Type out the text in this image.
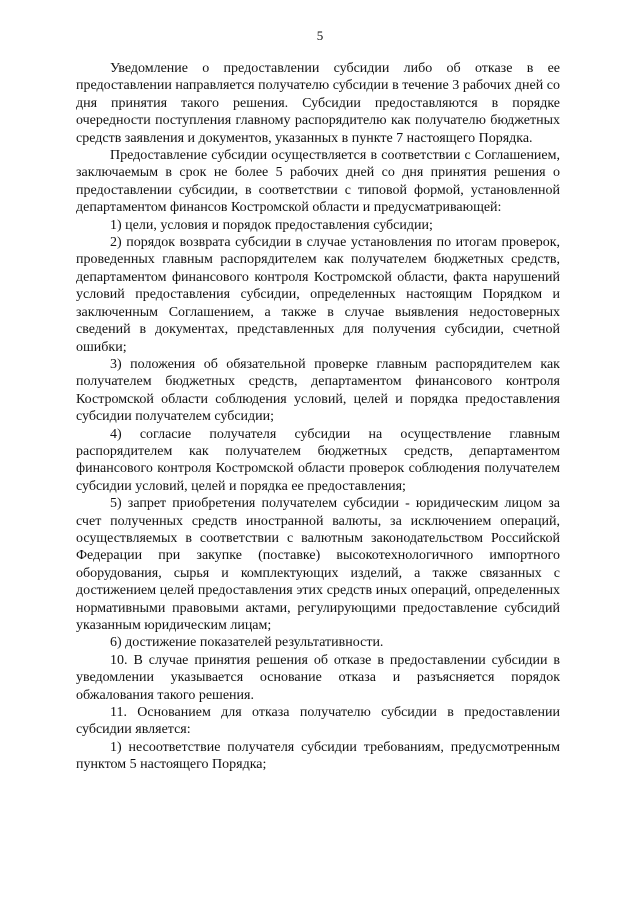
5

Уведомление о предоставлении субсидии либо об отказе в ее предоставлении направляется получателю субсидии в течение 3 рабочих дней со дня принятия такого решения. Субсидии предоставляются в порядке очередности поступления главному распорядителю как получателю бюджетных средств заявления и документов, указанных в пункте 7 настоящего Порядка.

Предоставление субсидии осуществляется в соответствии с Соглашением, заключаемым в срок не более 5 рабочих дней со дня принятия решения о предоставлении субсидии, в соответствии с типовой формой, установленной департаментом финансов Костромской области и предусматривающей:

1) цели, условия и порядок предоставления субсидии;

2) порядок возврата субсидии в случае установления по итогам проверок, проведенных главным распорядителем как получателем бюджетных средств, департаментом финансового контроля Костромской области, факта нарушений условий предоставления субсидии, определенных настоящим Порядком и заключенным Соглашением, а также в случае выявления недостоверных сведений в документах, представленных для получения субсидии, счетной ошибки;

3) положения об обязательной проверке главным распорядителем как получателем бюджетных средств, департаментом финансового контроля Костромской области соблюдения условий, целей и порядка предоставления субсидии получателем субсидии;

4) согласие получателя субсидии на осуществление главным распорядителем как получателем бюджетных средств, департаментом финансового контроля Костромской области проверок соблюдения получателем субсидии условий, целей и порядка ее предоставления;

5) запрет приобретения получателем субсидии - юридическим лицом за счет полученных средств иностранной валюты, за исключением операций, осуществляемых в соответствии с валютным законодательством Российской Федерации при закупке (поставке) высокотехнологичного импортного оборудования, сырья и комплектующих изделий, а также связанных с достижением целей предоставления этих средств иных операций, определенных нормативными правовыми актами, регулирующими предоставление субсидий указанным юридическим лицам;

6) достижение показателей результативности.

10. В случае принятия решения об отказе в предоставлении субсидии в уведомлении указывается основание отказа и разъясняется порядок обжалования такого решения.

11. Основанием для отказа получателю субсидии в предоставлении субсидии является:

1) несоответствие получателя субсидии требованиям, предусмотренным пунктом 5 настоящего Порядка;
